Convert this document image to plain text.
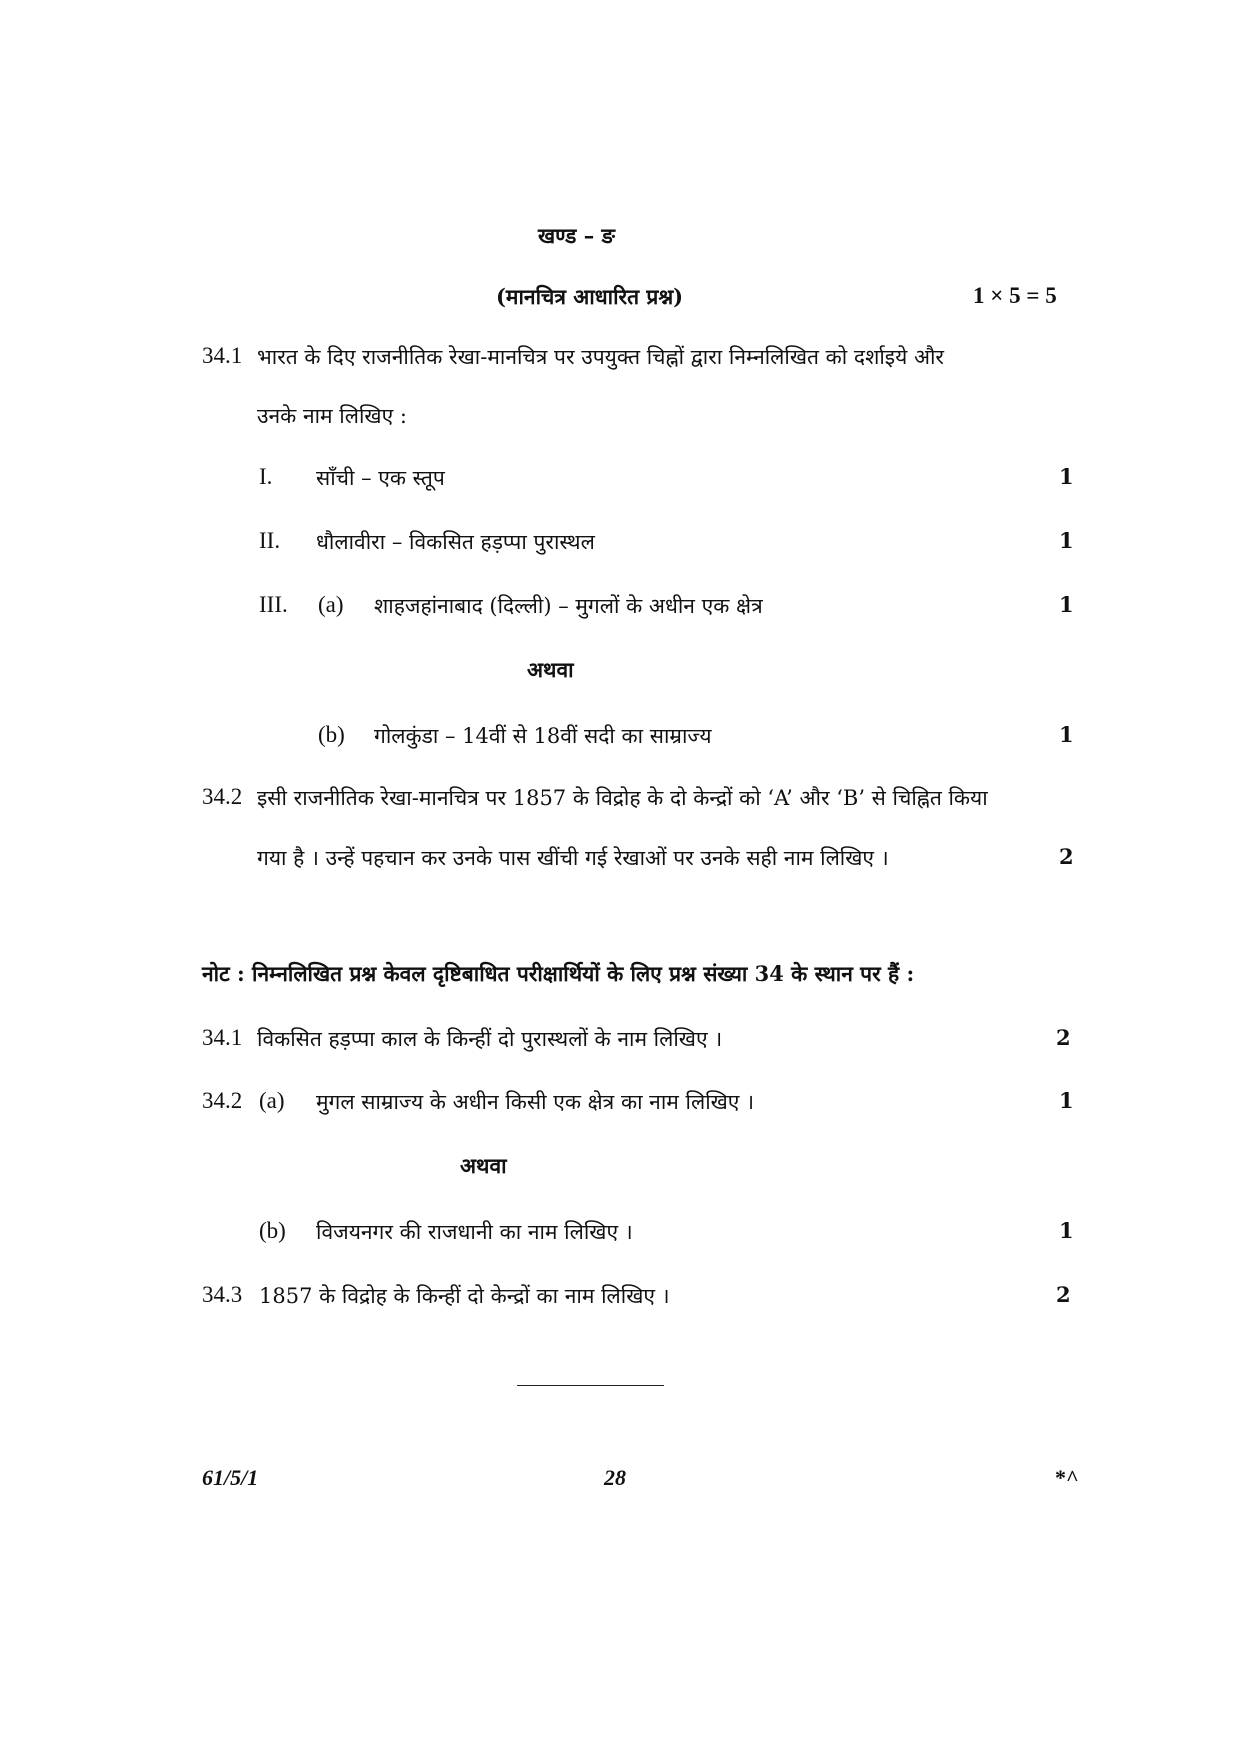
खण्ड – ङ
(मानचित्र आधारित प्रश्न)	1 × 5 = 5
34.1 भारत के दिए राजनीतिक रेखा-मानचित्र पर उपयुक्त चिह्नों द्वारा निम्नलिखित को दर्शाइये और
उनके नाम लिखिए :
I. साँची – एक स्तूप	1
II. धौलावीरा – विकसित हड़प्पा पुरास्थल	1
III. (a) शाहजहांनाबाद (दिल्ली) – मुगलों के अधीन एक क्षेत्र	1
अथवा
(b) गोलकुंडा – 14वीं से 18वीं सदी का साम्राज्य	1
34.2 इसी राजनीतिक रेखा-मानचित्र पर 1857 के विद्रोह के दो केन्द्रों को ‘A’ और ‘B’ से चिह्नित किया
गया है । उन्हें पहचान कर उनके पास खींची गई रेखाओं पर उनके सही नाम लिखिए ।	2
नोट : निम्नलिखित प्रश्न केवल दृष्टिबाधित परीक्षार्थियों के लिए प्रश्न संख्या 34 के स्थान पर हैं :
34.1 विकसित हड़प्पा काल के किन्हीं दो पुरास्थलों के नाम लिखिए ।	2
34.2 (a) मुगल साम्राज्य के अधीन किसी एक क्षेत्र का नाम लिखिए ।	1
अथवा
(b) विजयनगर की राजधानी का नाम लिखिए ।	1
34.3 1857 के विद्रोह के किन्हीं दो केन्द्रों का नाम लिखिए ।	2
61/5/1	28	*^
